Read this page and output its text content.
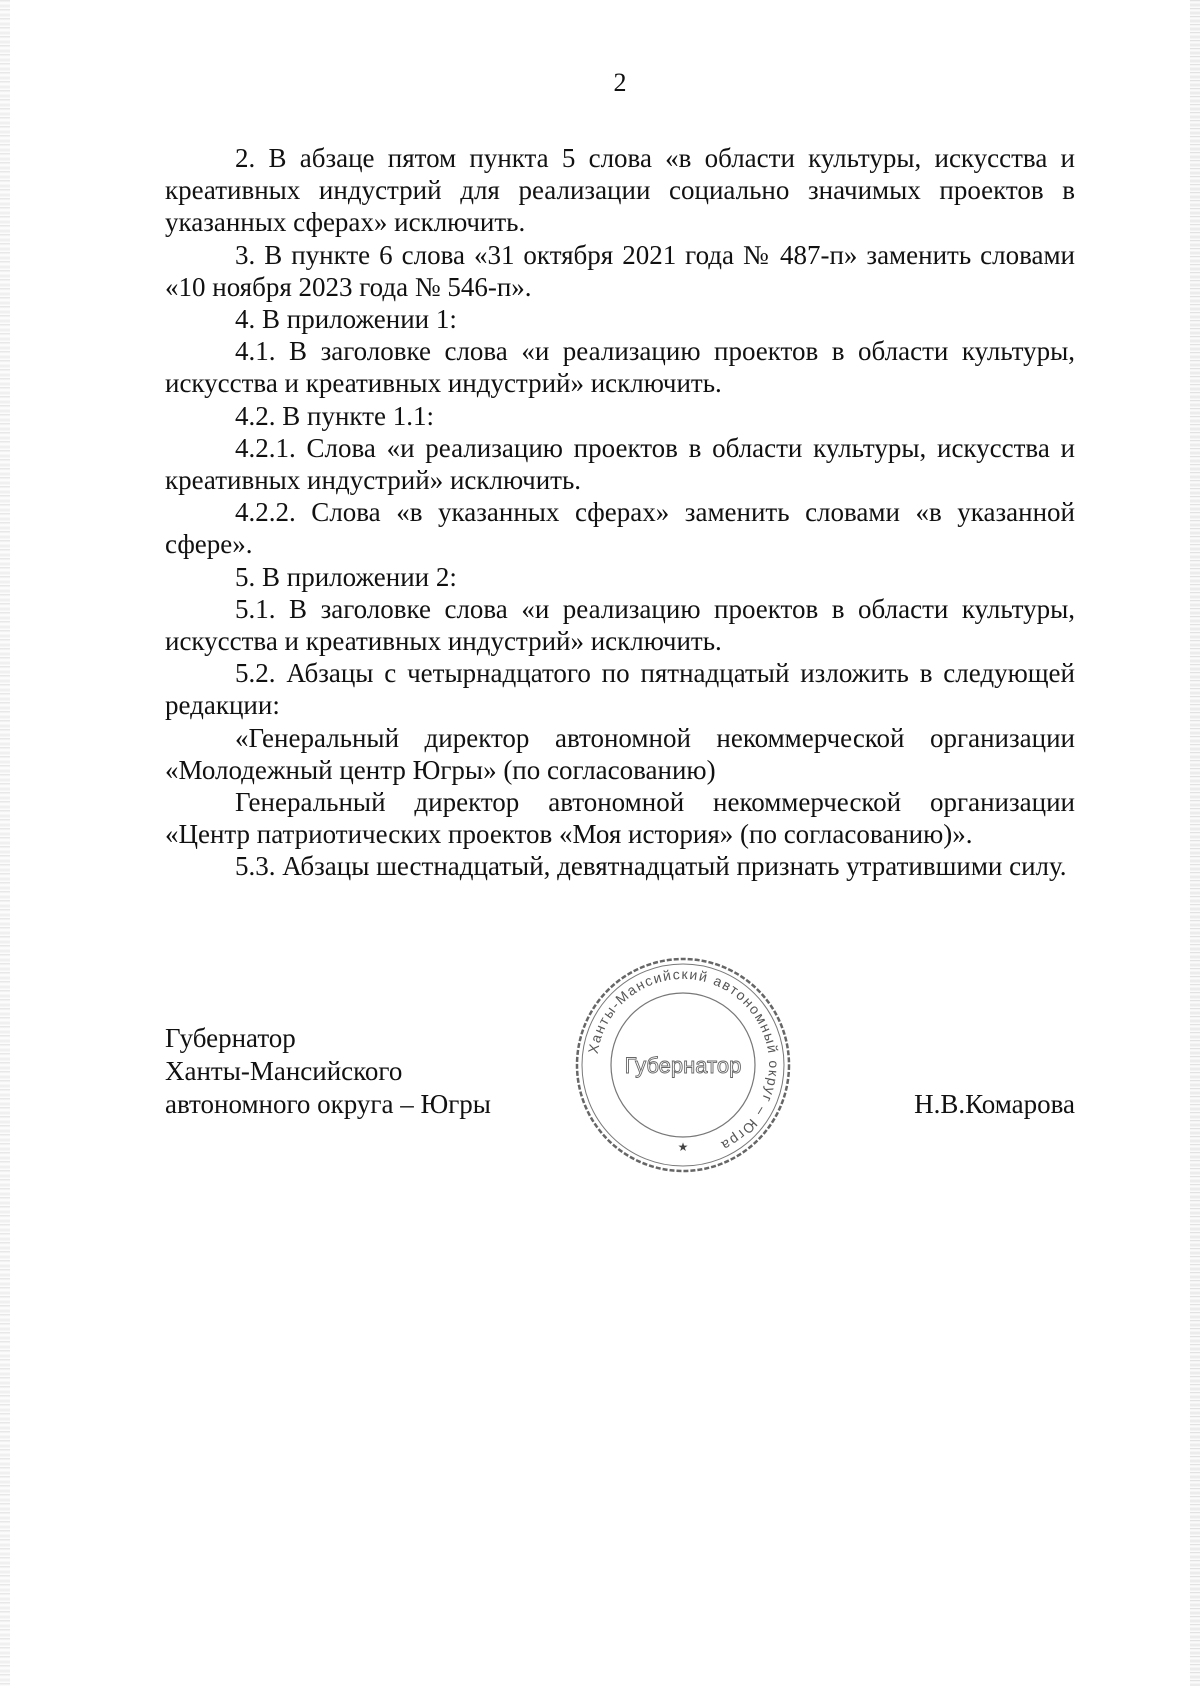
2

2. В абзаце пятом пункта 5 слова «в области культуры, искусства и креативных индустрий для реализации социально значимых проектов в указанных сферах» исключить.

3. В пункте 6 слова «31 октября 2021 года № 487-п» заменить словами «10 ноября 2023 года № 546-п».

4. В приложении 1:

4.1. В заголовке слова «и реализацию проектов в области культуры, искусства и креативных индустрий» исключить.

4.2. В пункте 1.1:

4.2.1. Слова «и реализацию проектов в области культуры, искусства и креативных индустрий» исключить.

4.2.2. Слова «в указанных сферах» заменить словами «в указанной сфере».

5. В приложении 2:

5.1. В заголовке слова «и реализацию проектов в области культуры, искусства и креативных индустрий» исключить.

5.2. Абзацы с четырнадцатого по пятнадцатый изложить в следующей редакции:

«Генеральный директор автономной некоммерческой организации «Молодежный центр Югры» (по согласованию)

Генеральный директор автономной некоммерческой организации «Центр патриотических проектов «Моя история» (по согласованию)».

5.3. Абзацы шестнадцатый, девятнадцатый признать утратившими силу.

Губернатор
Ханты-Мансийского
автономного округа – Югры	Н.В.Комарова
Ханты-Мансийский автономный округ – Югра
Губернатор
★
